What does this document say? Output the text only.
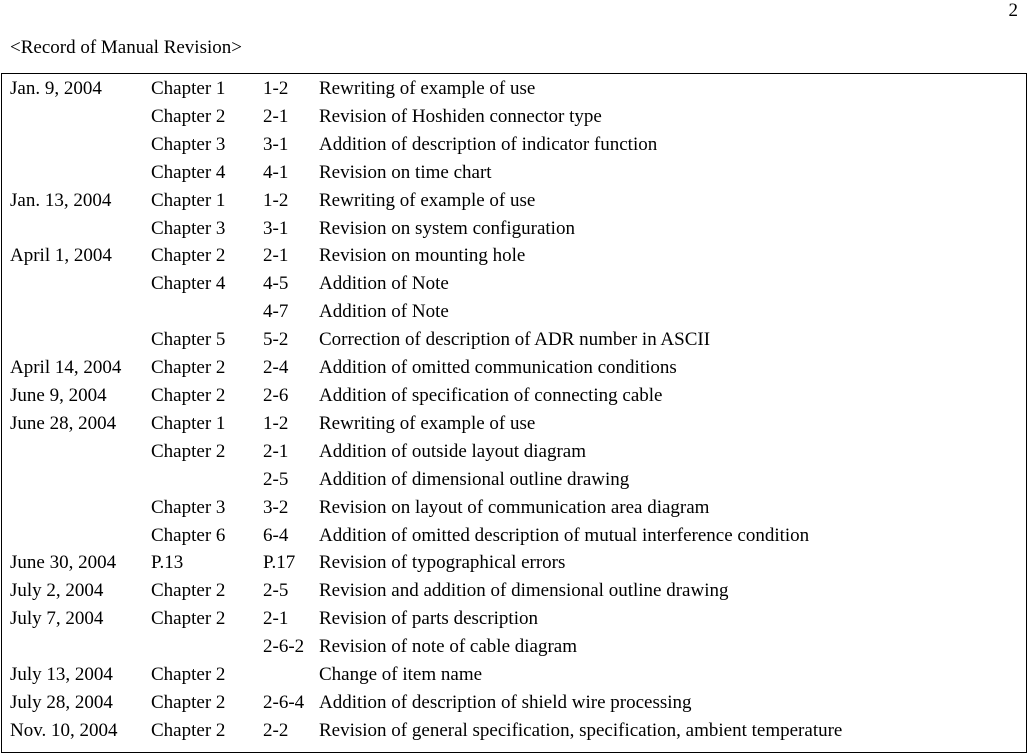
2
<Record of Manual Revision>
Jan. 9, 2004	Chapter 1	1-2	Rewriting of example of use
	Chapter 2	2-1	Revision of Hoshiden connector type
	Chapter 3	3-1	Addition of description of indicator function
	Chapter 4	4-1	Revision on time chart
Jan. 13, 2004	Chapter 1	1-2	Rewriting of example of use
	Chapter 3	3-1	Revision on system configuration
April 1, 2004	Chapter 2	2-1	Revision on mounting hole
	Chapter 4	4-5	Addition of Note
		4-7	Addition of Note
	Chapter 5	5-2	Correction of description of ADR number in ASCII
April 14, 2004	Chapter 2	2-4	Addition of omitted communication conditions
June 9, 2004	Chapter 2	2-6	Addition of specification of connecting cable
June 28, 2004	Chapter 1	1-2	Rewriting of example of use
	Chapter 2	2-1	Addition of outside layout diagram
		2-5	Addition of dimensional outline drawing
	Chapter 3	3-2	Revision on layout of communication area diagram
	Chapter 6	6-4	Addition of omitted description of mutual interference condition
June 30, 2004	P.13	P.17	Revision of typographical errors
July 2, 2004	Chapter 2	2-5	Revision and addition of dimensional outline drawing
July 7, 2004	Chapter 2	2-1	Revision of parts description
		2-6-2	Revision of note of cable diagram
July 13, 2004	Chapter 2		Change of item name
July 28, 2004	Chapter 2	2-6-4	Addition of description of shield wire processing
Nov. 10, 2004	Chapter 2	2-2	Revision of general specification, specification, ambient temperature
